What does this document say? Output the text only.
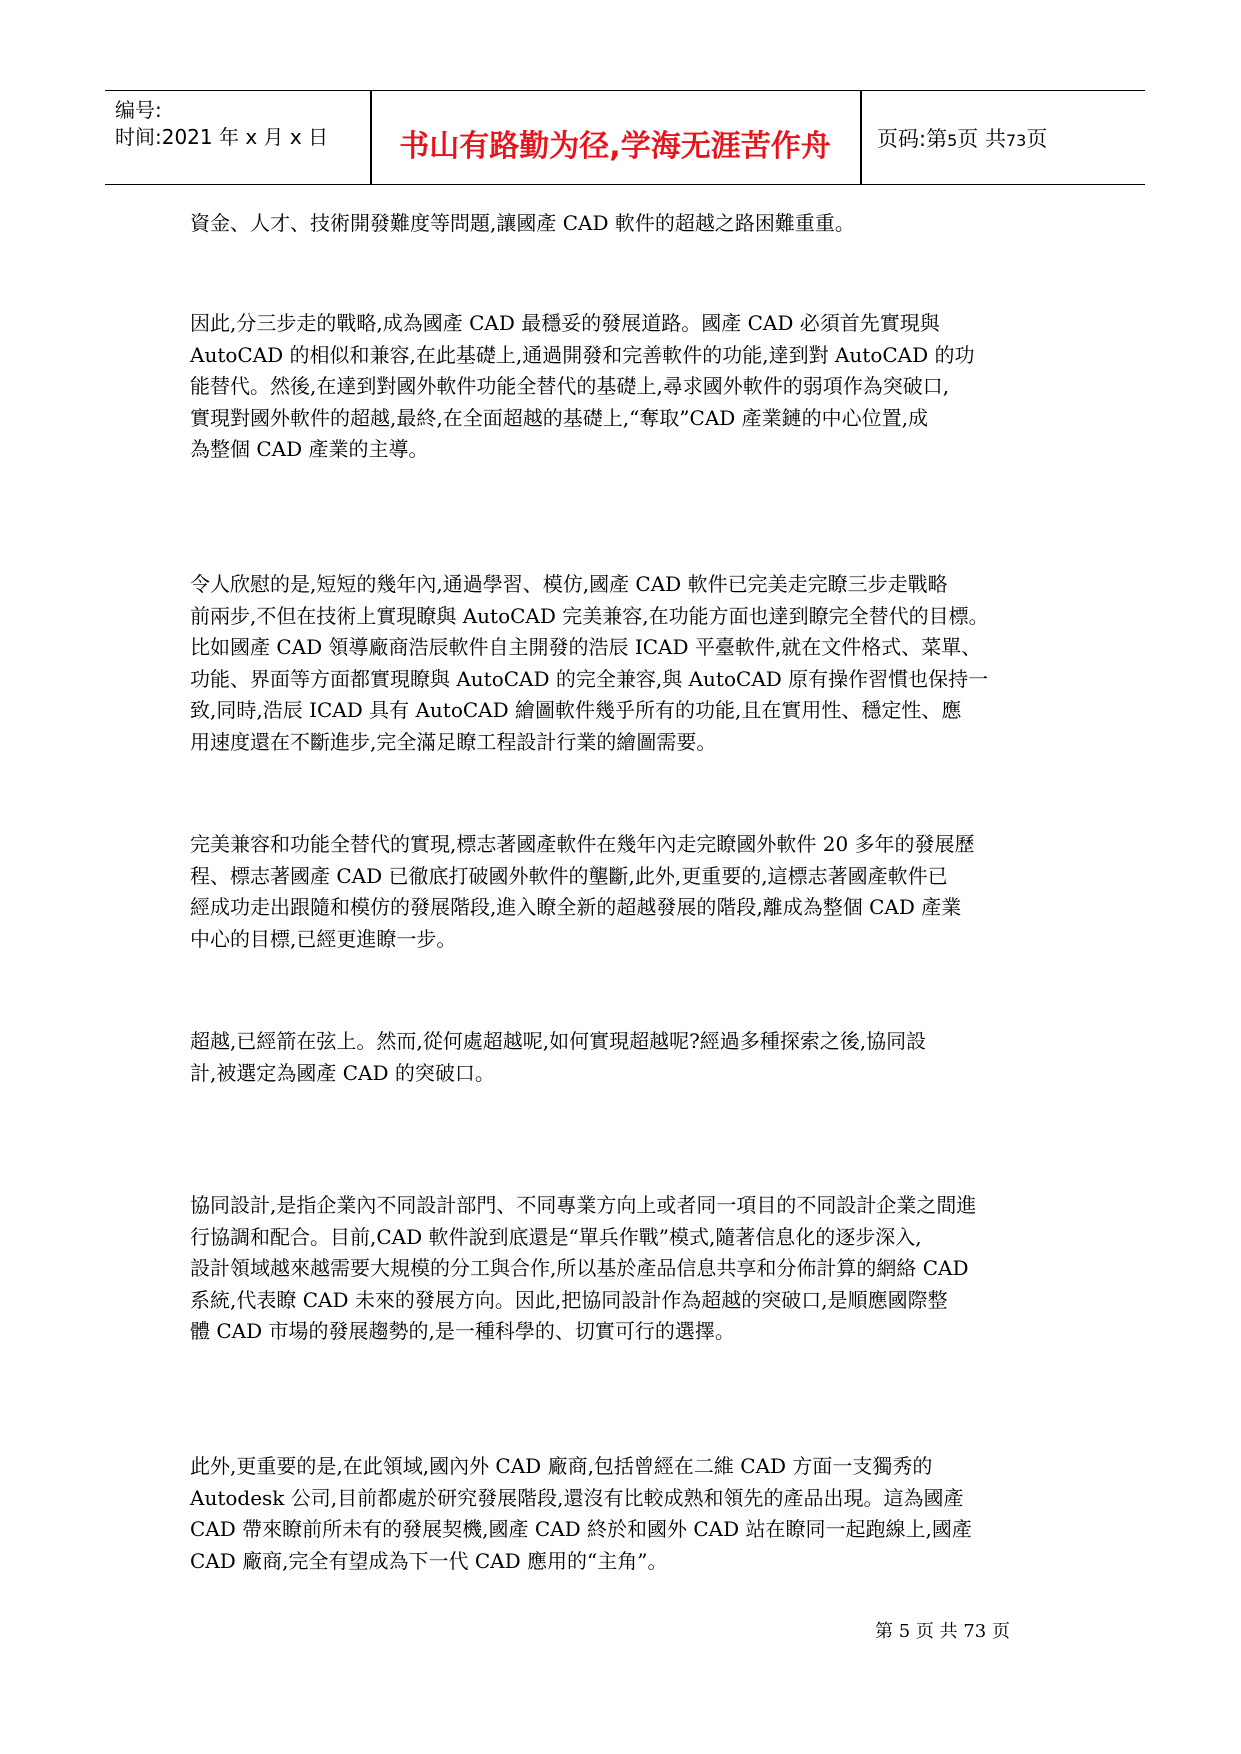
编号:
时间:2021 年 x 月 x 日	书山有路勤为径,学海无涯苦作舟	页码:第5页 共73页

資金、人才、技術開發難度等問題,讓國產 CAD 軟件的超越之路困難重重。

因此,分三步走的戰略,成為國產 CAD 最穩妥的發展道路。國產 CAD 必須首先實現與
AutoCAD 的相似和兼容,在此基礎上,通過開發和完善軟件的功能,達到對 AutoCAD 的功
能替代。然後,在達到對國外軟件功能全替代的基礎上,尋求國外軟件的弱項作為突破口,
實現對國外軟件的超越,最終,在全面超越的基礎上,“奪取”CAD 產業鏈的中心位置,成
為整個 CAD 產業的主導。

令人欣慰的是,短短的幾年內,通過學習、模仿,國產 CAD 軟件已完美走完瞭三步走戰略
前兩步,不但在技術上實現瞭與 AutoCAD 完美兼容,在功能方面也達到瞭完全替代的目標。
比如國產 CAD 領導廠商浩辰軟件自主開發的浩辰 ICAD 平臺軟件,就在文件格式、菜單、
功能、界面等方面都實現瞭與 AutoCAD 的完全兼容,與 AutoCAD 原有操作習慣也保持一
致,同時,浩辰 ICAD 具有 AutoCAD 繪圖軟件幾乎所有的功能,且在實用性、穩定性、應
用速度還在不斷進步,完全滿足瞭工程設計行業的繪圖需要。

完美兼容和功能全替代的實現,標志著國產軟件在幾年內走完瞭國外軟件 20 多年的發展歷
程、標志著國產 CAD 已徹底打破國外軟件的壟斷,此外,更重要的,這標志著國產軟件已
經成功走出跟隨和模仿的發展階段,進入瞭全新的超越發展的階段,離成為整個 CAD 產業
中心的目標,已經更進瞭一步。

超越,已經箭在弦上。然而,從何處超越呢,如何實現超越呢?經過多種探索之後,協同設
計,被選定為國產 CAD 的突破口。

協同設計,是指企業內不同設計部門、不同專業方向上或者同一項目的不同設計企業之間進
行協調和配合。目前,CAD 軟件說到底還是“單兵作戰”模式,隨著信息化的逐步深入,
設計領域越來越需要大規模的分工與合作,所以基於產品信息共享和分佈計算的網絡 CAD
系統,代表瞭 CAD 未來的發展方向。因此,把協同設計作為超越的突破口,是順應國際整
體 CAD 市場的發展趨勢的,是一種科學的、切實可行的選擇。

此外,更重要的是,在此領域,國內外 CAD 廠商,包括曾經在二維 CAD 方面一支獨秀的
Autodesk 公司,目前都處於研究發展階段,還沒有比較成熟和領先的產品出現。這為國產
CAD 帶來瞭前所未有的發展契機,國產 CAD 終於和國外 CAD 站在瞭同一起跑線上,國產
CAD 廠商,完全有望成為下一代 CAD 應用的“主角”。

第 5 页 共 73 页
